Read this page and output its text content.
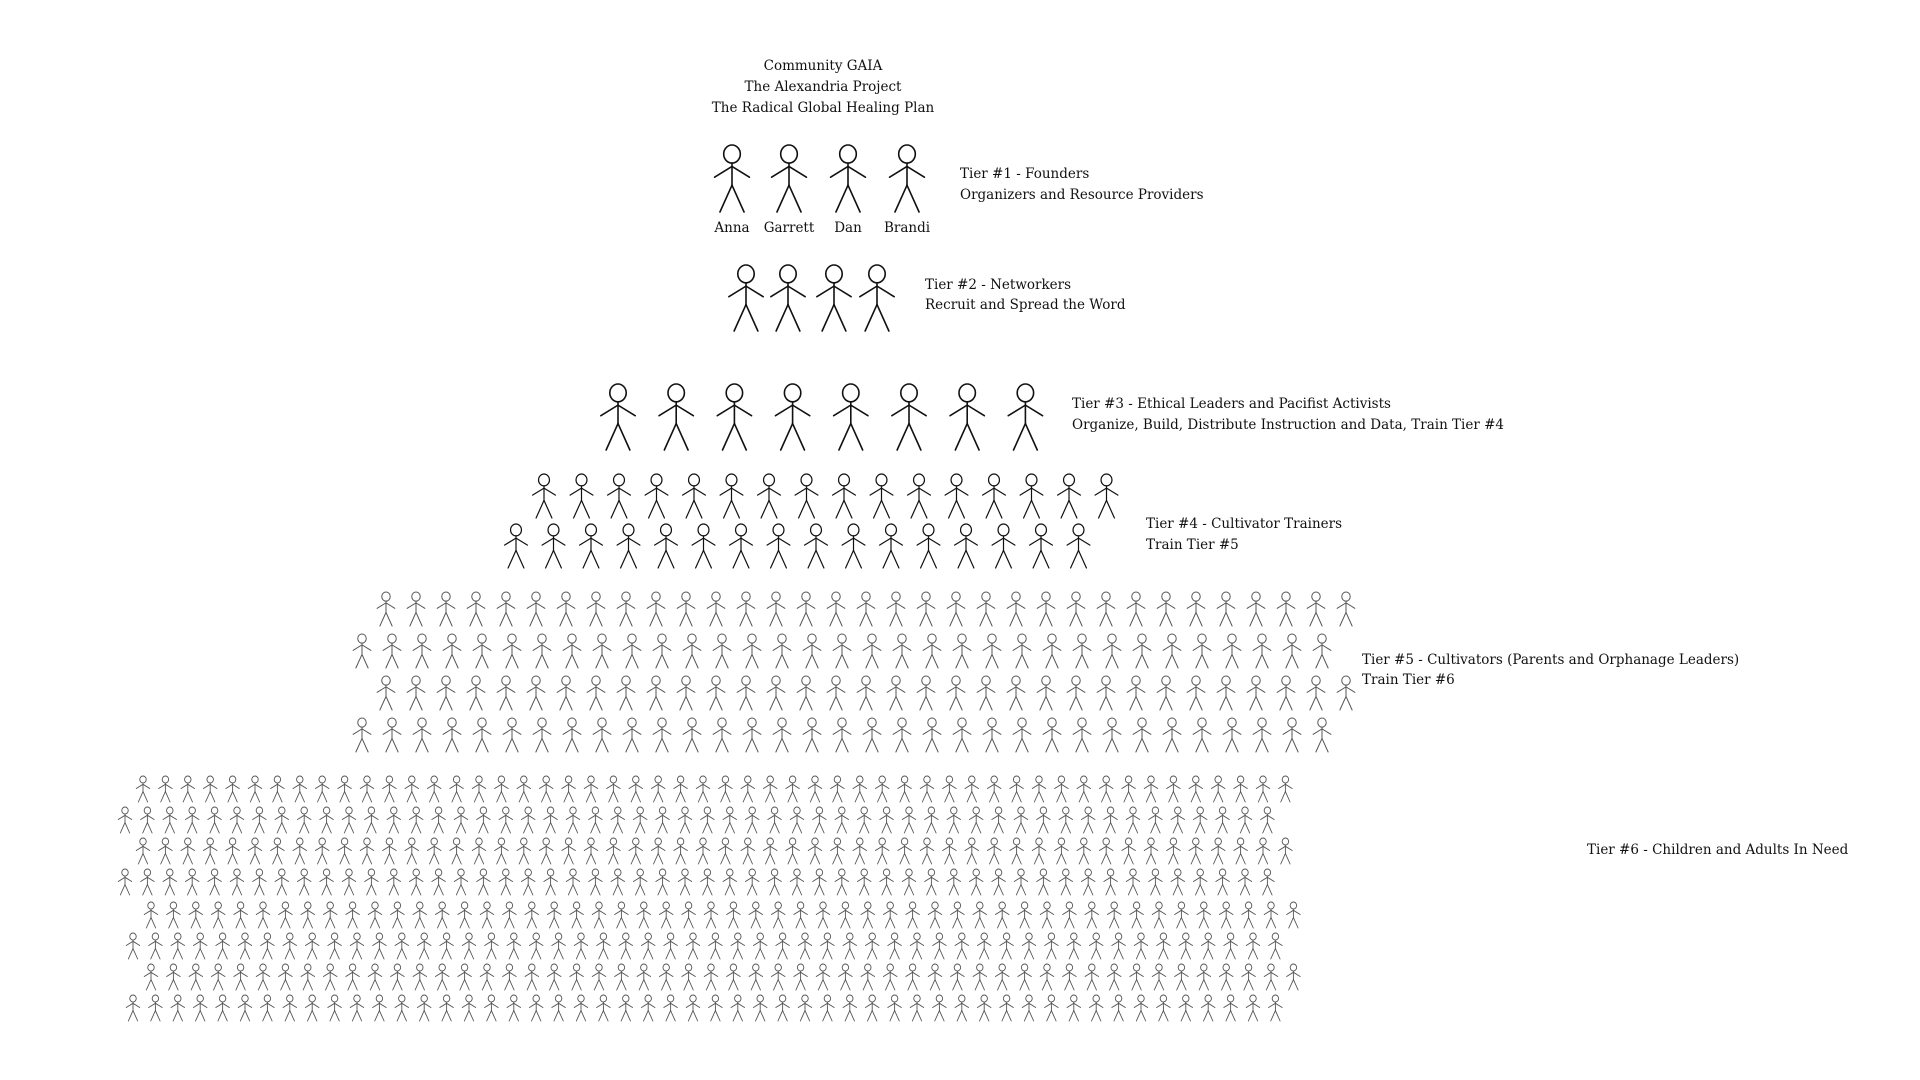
Community GAIA
The Alexandria Project
The Radical Global Healing Plan
Anna	Garrett	Dan	Brandi
Tier #1 - Founders
Organizers and Resource Providers
Tier #2 - Networkers
Recruit and Spread the Word
Tier #3 - Ethical Leaders and Pacifist Activists
Organize, Build, Distribute Instruction and Data, Train Tier #4
Tier #4 - Cultivator Trainers
Train Tier #5
Tier #5 - Cultivators (Parents and Orphanage Leaders)
Train Tier #6
Tier #6 - Children and Adults In Need
